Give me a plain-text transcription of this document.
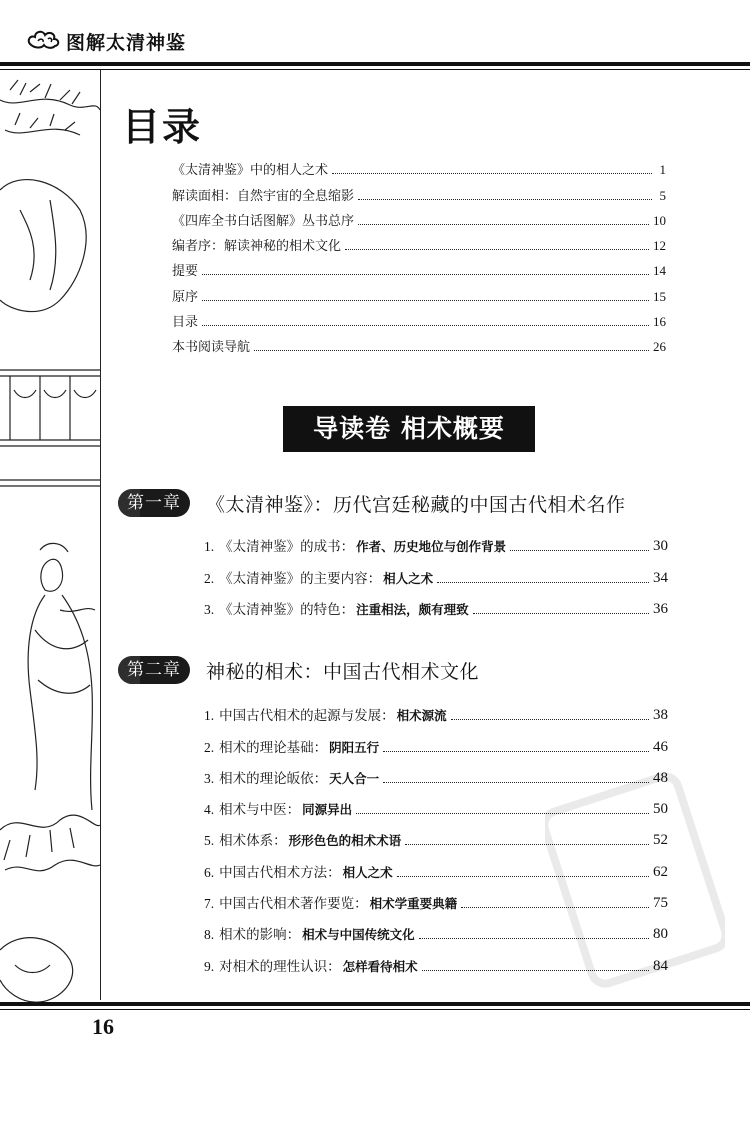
图解太清神鉴
目录
《太清神鉴》中的相人之术	1
解读面相：自然宇宙的全息缩影	5
《四库全书白话图解》丛书总序	10
编者序：解读神秘的相术文化	12
提要	14
原序	15
目录	16
本书阅读导航	26
导读卷 相术概要
第一章	《太清神鉴》：历代宫廷秘藏的中国古代相术名作
1. 《太清神鉴》的成书： 作者、历史地位与创作背景	30
2. 《太清神鉴》的主要内容： 相人之术	34
3. 《太清神鉴》的特色： 注重相法，颇有理致	36
第二章	神秘的相术：中国古代相术文化
1. 中国古代相术的起源与发展： 相术源流	38
2. 相术的理论基础： 阴阳五行	46
3. 相术的理论皈依： 天人合一	48
4. 相术与中医： 同源异出	50
5. 相术体系： 形形色色的相术术语	52
6. 中国古代相术方法： 相人之术	62
7. 中国古代相术著作要览： 相术学重要典籍	75
8. 相术的影响： 相术与中国传统文化	80
9. 对相术的理性认识： 怎样看待相术	84
16
